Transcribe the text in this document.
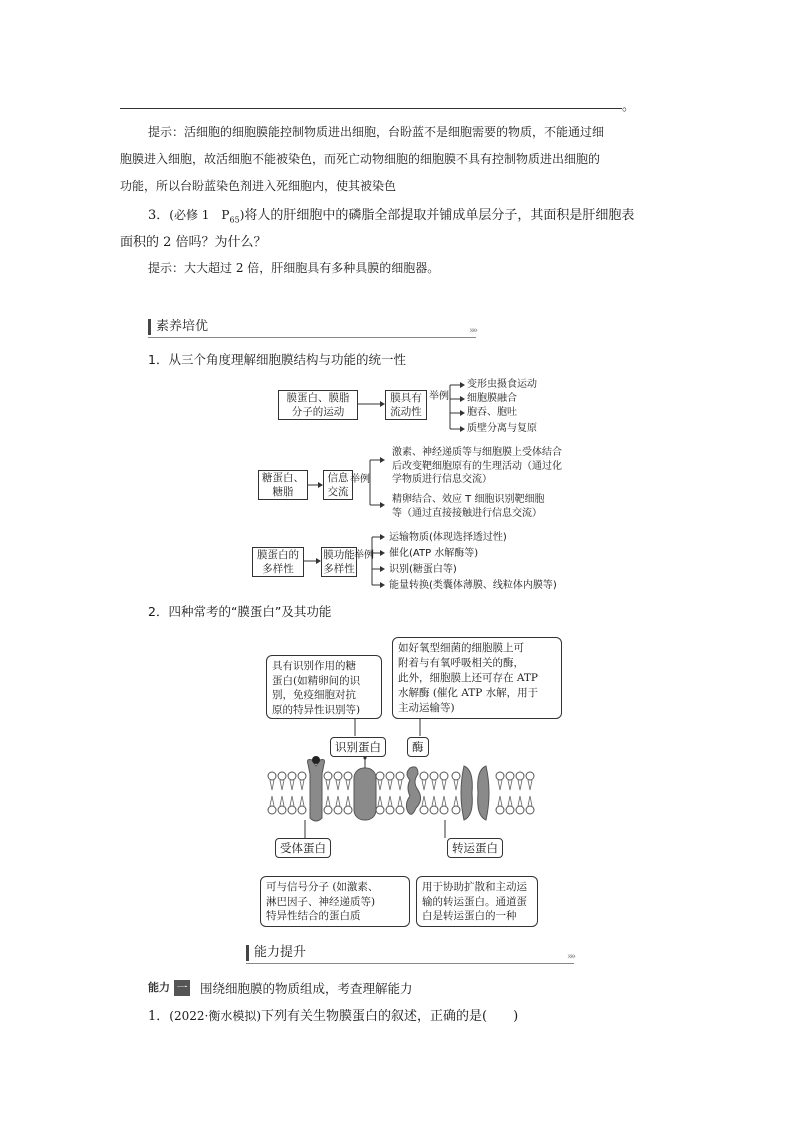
。
提示：活细胞的细胞膜能控制物质进出细胞，台盼蓝不是细胞需要的物质，不能通过细
胞膜进入细胞，故活细胞不能被染色，而死亡动物细胞的细胞膜不具有控制物质进出细胞的
功能，所以台盼蓝染色剂进入死细胞内，使其被染色
3．(必修 1　$P_{65}$)将人的肝细胞中的磷脂全部提取并铺成单层分子，其面积是肝细胞表
面积的 2 倍吗？为什么？
提示：大大超过 2 倍，肝细胞具有多种具膜的细胞器。
素养培优	»»
1．从三个角度理解细胞膜结构与功能的统一性
膜蛋白、膜脂
分子的运动
膜具有
流动性
举例
变形虫摄食运动
细胞膜融合
胞吞、胞吐
质壁分离与复原
糖蛋白、
糖脂
信息
交流
举例
激素、神经递质等与细胞膜上受体结合
后改变靶细胞原有的生理活动（通过化
学物质进行信息交流）
精卵结合、效应 T 细胞识别靶细胞
等（通过直接接触进行信息交流）
膜蛋白的
多样性
膜功能
多样性
举例
运输物质(体现选择透过性)
催化(ATP 水解酶等)
识别(糖蛋白等)
能量转换(类囊体薄膜、线粒体内膜等)
2．四种常考的“膜蛋白”及其功能
具有识别作用的糖
蛋白(如精卵间的识
别，免疫细胞对抗
原的特异性识别等)
如好氧型细菌的细胞膜上可
附着与有氧呼吸相关的酶，
此外，细胞膜上还可存在 ATP
水解酶 (催化 ATP 水解，用于
主动运输等)
识别蛋白	酶
受体蛋白	转运蛋白
可与信号分子 (如激素、
淋巴因子、神经递质等)
特异性结合的蛋白质
用于协助扩散和主动运
输的转运蛋白。通道蛋
白是转运蛋白的一种
能力提升	»»
能力 一 围绕细胞膜的物质组成，考查理解能力
1．(2022·衡水模拟)下列有关生物膜蛋白的叙述，正确的是(　　)
